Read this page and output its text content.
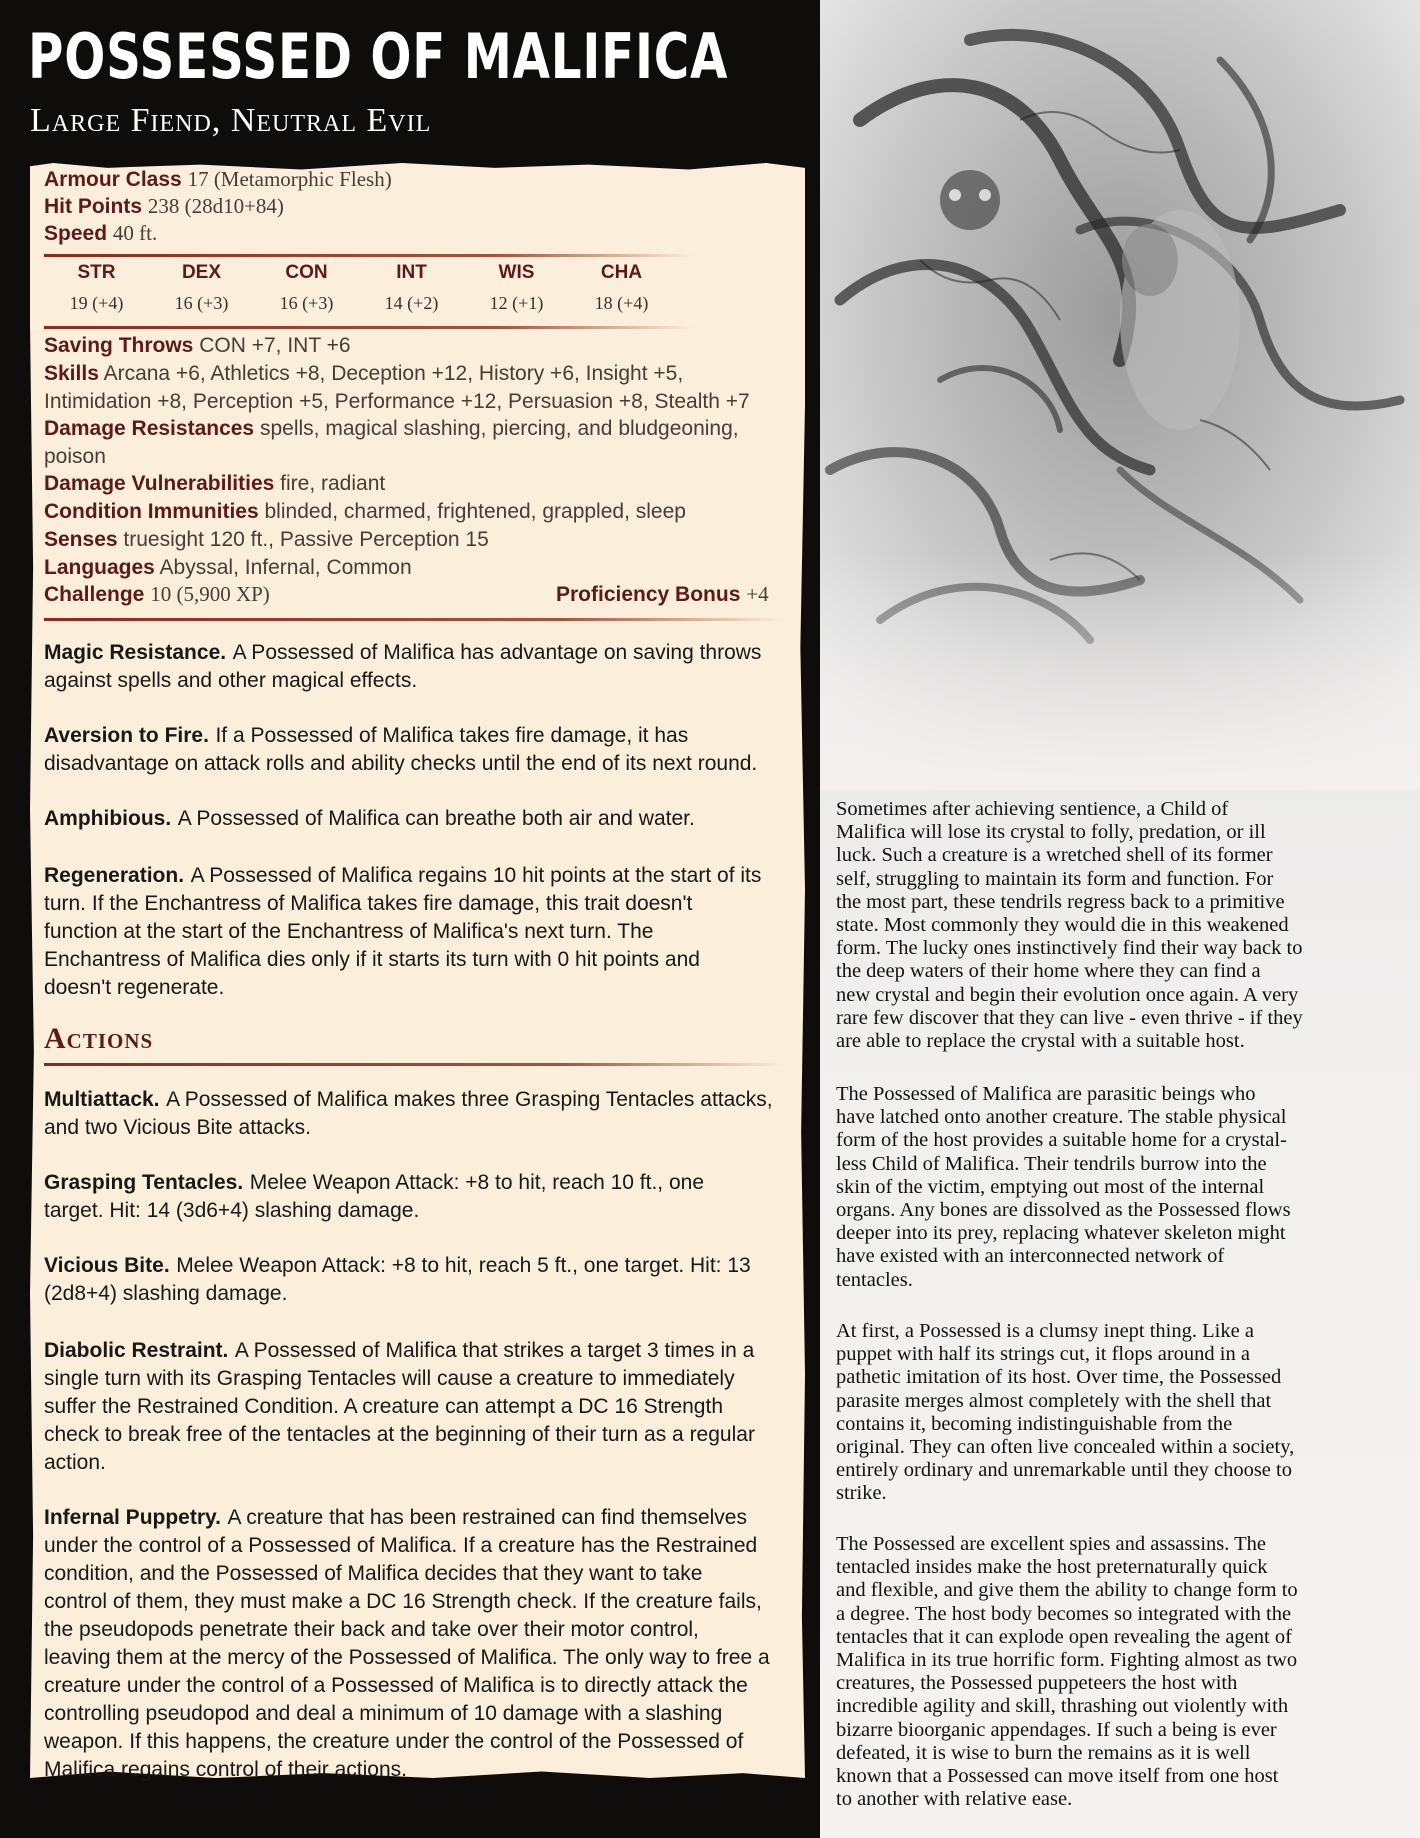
POSSESSED OF MALIFICA
Large Fiend, Neutral Evil
Armour Class 17 (Metamorphic Flesh)
Hit Points 238 (28d10+84)
Speed 40 ft.
STR
19 (+4)
DEX
16 (+3)
CON
16 (+3)
INT
14 (+2)
WIS
12 (+1)
CHA
18 (+4)
Saving Throws CON +7, INT +6
Skills Arcana +6, Athletics +8, Deception +12, History +6, Insight +5,
Intimidation +8, Perception +5, Performance +12, Persuasion +8, Stealth +7
Damage Resistances spells, magical slashing, piercing, and bludgeoning,
poison
Damage Vulnerabilities fire, radiant
Condition Immunities blinded, charmed, frightened, grappled, sleep
Senses truesight 120 ft., Passive Perception 15
Languages Abyssal, Infernal, Common
Challenge 10 (5,900 XP)	Proficiency Bonus +4
Magic Resistance. A Possessed of Malifica has advantage on saving throws
against spells and other magical effects.
Aversion to Fire. If a Possessed of Malifica takes fire damage, it has
disadvantage on attack rolls and ability checks until the end of its next round.
Amphibious. A Possessed of Malifica can breathe both air and water.
Regeneration. A Possessed of Malifica regains 10 hit points at the start of its
turn. If the Enchantress of Malifica takes fire damage, this trait doesn't
function at the start of the Enchantress of Malifica's next turn. The
Enchantress of Malifica dies only if it starts its turn with 0 hit points and
doesn't regenerate.
Actions
Multiattack. A Possessed of Malifica makes three Grasping Tentacles attacks,
and two Vicious Bite attacks.
Grasping Tentacles. Melee Weapon Attack: +8 to hit, reach 10 ft., one
target. Hit: 14 (3d6+4) slashing damage.
Vicious Bite. Melee Weapon Attack: +8 to hit, reach 5 ft., one target. Hit: 13
(2d8+4) slashing damage.
Diabolic Restraint. A Possessed of Malifica that strikes a target 3 times in a
single turn with its Grasping Tentacles will cause a creature to immediately
suffer the Restrained Condition. A creature can attempt a DC 16 Strength
check to break free of the tentacles at the beginning of their turn as a regular
action.
Infernal Puppetry. A creature that has been restrained can find themselves
under the control of a Possessed of Malifica. If a creature has the Restrained
condition, and the Possessed of Malifica decides that they want to take
control of them, they must make a DC 16 Strength check. If the creature fails,
the pseudopods penetrate their back and take over their motor control,
leaving them at the mercy of the Possessed of Malifica. The only way to free a
creature under the control of a Possessed of Malifica is to directly attack the
controlling pseudopod and deal a minimum of 10 damage with a slashing
weapon. If this happens, the creature under the control of the Possessed of
Malifica regains control of their actions.
Sometimes after achieving sentience, a Child of
Malifica will lose its crystal to folly, predation, or ill
luck. Such a creature is a wretched shell of its former
self, struggling to maintain its form and function. For
the most part, these tendrils regress back to a primitive
state. Most commonly they would die in this weakened
form. The lucky ones instinctively find their way back to
the deep waters of their home where they can find a
new crystal and begin their evolution once again. A very
rare few discover that they can live - even thrive - if they
are able to replace the crystal with a suitable host.
The Possessed of Malifica are parasitic beings who
have latched onto another creature. The stable physical
form of the host provides a suitable home for a crystal-
less Child of Malifica. Their tendrils burrow into the
skin of the victim, emptying out most of the internal
organs. Any bones are dissolved as the Possessed flows
deeper into its prey, replacing whatever skeleton might
have existed with an interconnected network of
tentacles.
At first, a Possessed is a clumsy inept thing. Like a
puppet with half its strings cut, it flops around in a
pathetic imitation of its host. Over time, the Possessed
parasite merges almost completely with the shell that
contains it, becoming indistinguishable from the
original. They can often live concealed within a society,
entirely ordinary and unremarkable until they choose to
strike.
The Possessed are excellent spies and assassins. The
tentacled insides make the host preternaturally quick
and flexible, and give them the ability to change form to
a degree. The host body becomes so integrated with the
tentacles that it can explode open revealing the agent of
Malifica in its true horrific form. Fighting almost as two
creatures, the Possessed puppeteers the host with
incredible agility and skill, thrashing out violently with
bizarre bioorganic appendages. If such a being is ever
defeated, it is wise to burn the remains as it is well
known that a Possessed can move itself from one host
to another with relative ease.
